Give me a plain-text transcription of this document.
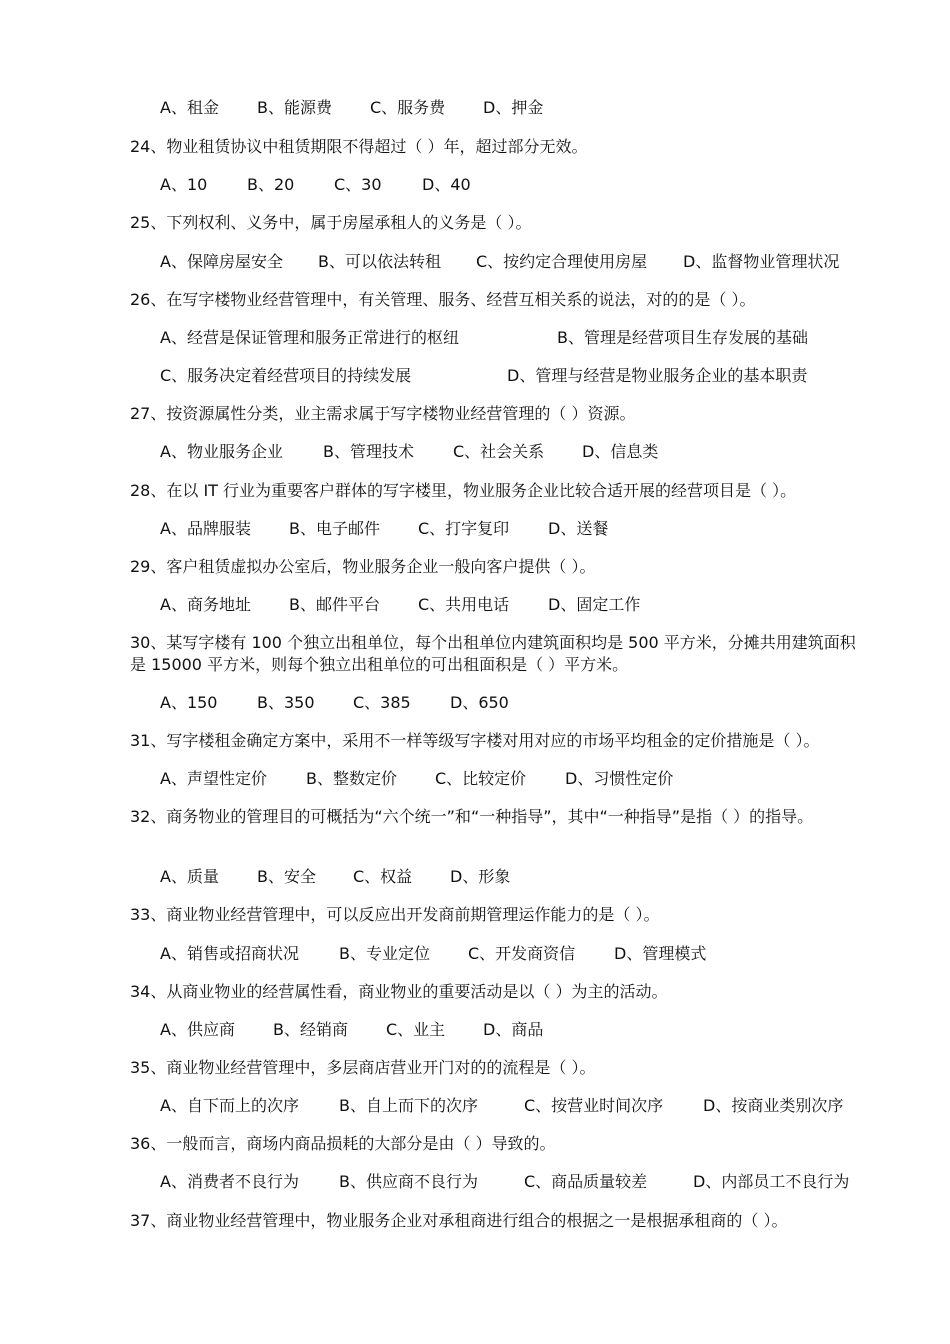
A、租金 B、能源费 C、服务费 D、押金
24、物业租赁协议中租赁期限不得超过（ ）年，超过部分无效。
A、10 B、20 C、30	D、40
25、下列权利、义务中，属于房屋承租人的义务是（ ）。
A、保障房屋安全 B、可以依法转租 C、按约定合理使用房屋 D、监督物业管理状况
26、在写字楼物业经营管理中，有关管理、服务、经营互相关系的说法，对的的是（ ）。
A、经营是保证管理和服务正常进行的枢纽	B、管理是经营项目生存发展的基础
C、服务决定着经营项目的持续发展	D、管理与经营是物业服务企业的基本职责
27、按资源属性分类，业主需求属于写字楼物业经营管理的（ ）资源。
A、物业服务企业	B、管理技术 C、社会关系 D、信息类
28、在以 IT 行业为重要客户群体的写字楼里，物业服务企业比较合适开展的经营项目是（ ）。
A、品牌服装 B、电子邮件 C、打字复印 D、送餐
29、客户租赁虚拟办公室后，物业服务企业一般向客户提供（ ）。
A、商务地址 B、邮件平台 C、共用电话 D、固定工作
30、某写字楼有 100 个独立出租单位，每个出租单位内建筑面积均是 500 平方米，分摊共用建筑面积是 15000 平方米，则每个独立出租单位的可出租面积是（ ）平方米。
A、150 B、350 C、385 D、650
31、写字楼租金确定方案中，采用不一样等级写字楼对用对应的市场平均租金的定价措施是（ ）。
A、声望性定价 B、整数定价 C、比较定价 D、习惯性定价
32、商务物业的管理目的可概括为“六个统一”和“一种指导”，其中“一种指导”是指（ ）的指导。
A、质量 B、安全 C、权益 D、形象
33、商业物业经营管理中，可以反应出开发商前期管理运作能力的是（ ）。
A、销售或招商状况	B、专业定位 C、开发商资信 D、管理模式
34、从商业物业的经营属性看，商业物业的重要活动是以（ ）为主的活动。
A、供应商 B、经销商 C、业主 D、商品
35、商业物业经营管理中，多层商店营业开门对的的流程是（ ）。
A、自下而上的次序	B、自上而下的次序	C、按营业时间次序 D、按商业类别次序
36、一般而言，商场内商品损耗的大部分是由（ ）导致的。
A、消费者不良行为	B、供应商不良行为	C、商品质量较差	D、内部员工不良行为
37、商业物业经营管理中，物业服务企业对承租商进行组合的根据之一是根据承租商的（ ）。
